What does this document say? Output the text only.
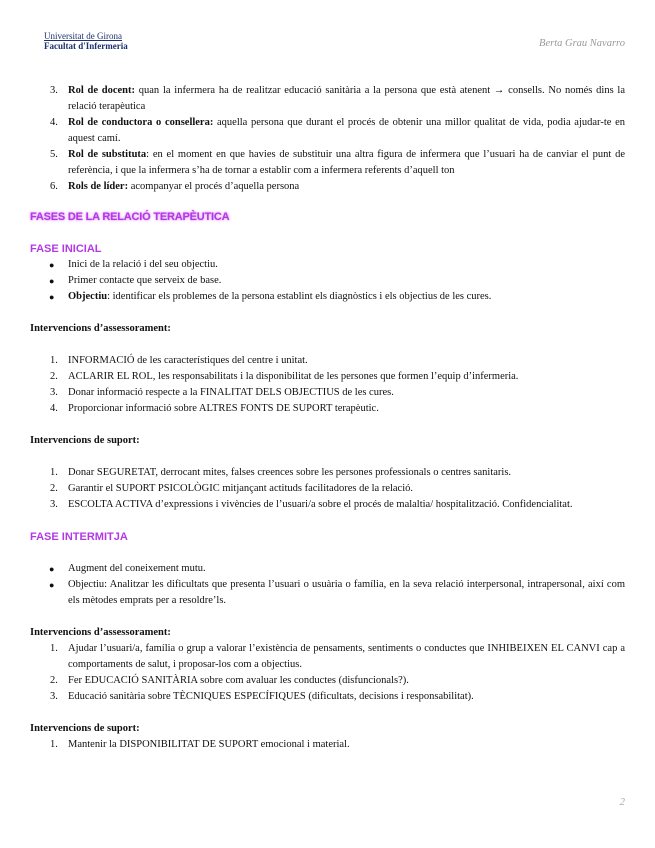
Universitat de Girona
Facultat d'Infermeria	Berta Grau Navarro
3. Rol de docent: quan la infermera ha de realitzar educació sanitària a la persona que està atenent → consells. No només dins la relació terapèutica
4. Rol de conductora o consellera: aquella persona que durant el procés de obtenir una millor qualitat de vida, podia ajudar-te en aquest camí.
5. Rol de substituta: en el moment en que havies de substituir una altra figura de infermera que l’usuari ha de canviar el punt de referència, i que la infermera s’ha de tornar a establir com a infermera referents d’aquell ton
6. Rols de líder: acompanyar el procés d’aquella persona
FASES DE LA RELACIÓ TERAPÈUTICA
FASE INICIAL
● Inici de la relació i del seu objectiu.
● Primer contacte que serveix de base.
● Objectiu: identificar els problemes de la persona establint els diagnòstics i els objectius de les cures.
Intervencions d’assessorament:
1. INFORMACIÓ de les característiques del centre i unitat.
2. ACLARIR EL ROL, les responsabilitats i la disponibilitat de les persones que formen l’equip d’infermeria.
3. Donar informació respecte a la FINALITAT DELS OBJECTIUS de les cures.
4. Proporcionar informació sobre ALTRES FONTS DE SUPORT terapèutic.
Intervencions de suport:
1. Donar SEGURETAT, derrocant mites, falses creences sobre les persones professionals o centres sanitaris.
2. Garantir el SUPORT PSICOLÒGIC mitjançant actituds facilitadores de la relació.
3. ESCOLTA ACTIVA d’expressions i vivències de l’usuari/a sobre el procés de malaltia/ hospitalització. Confidencialitat.
FASE INTERMITJA
● Augment del coneixement mutu.
● Objectiu: Analitzar les dificultats que presenta l’usuari o usuària o família, en la seva relació interpersonal, intrapersonal, així com els mètodes emprats per a resoldre’ls.
Intervencions d’assessorament:
1. Ajudar l’usuari/a, família o grup a valorar l’existència de pensaments, sentiments o conductes que INHIBEIXEN EL CANVI cap a comportaments de salut, i proposar-los com a objectius.
2. Fer EDUCACIÓ SANITÀRIA sobre com avaluar les conductes (disfuncionals?).
3. Educació sanitària sobre TÈCNIQUES ESPECÍFIQUES (dificultats, decisions i responsabilitat).
Intervencions de suport:
1. Mantenir la DISPONIBILITAT DE SUPORT emocional i material.
2
